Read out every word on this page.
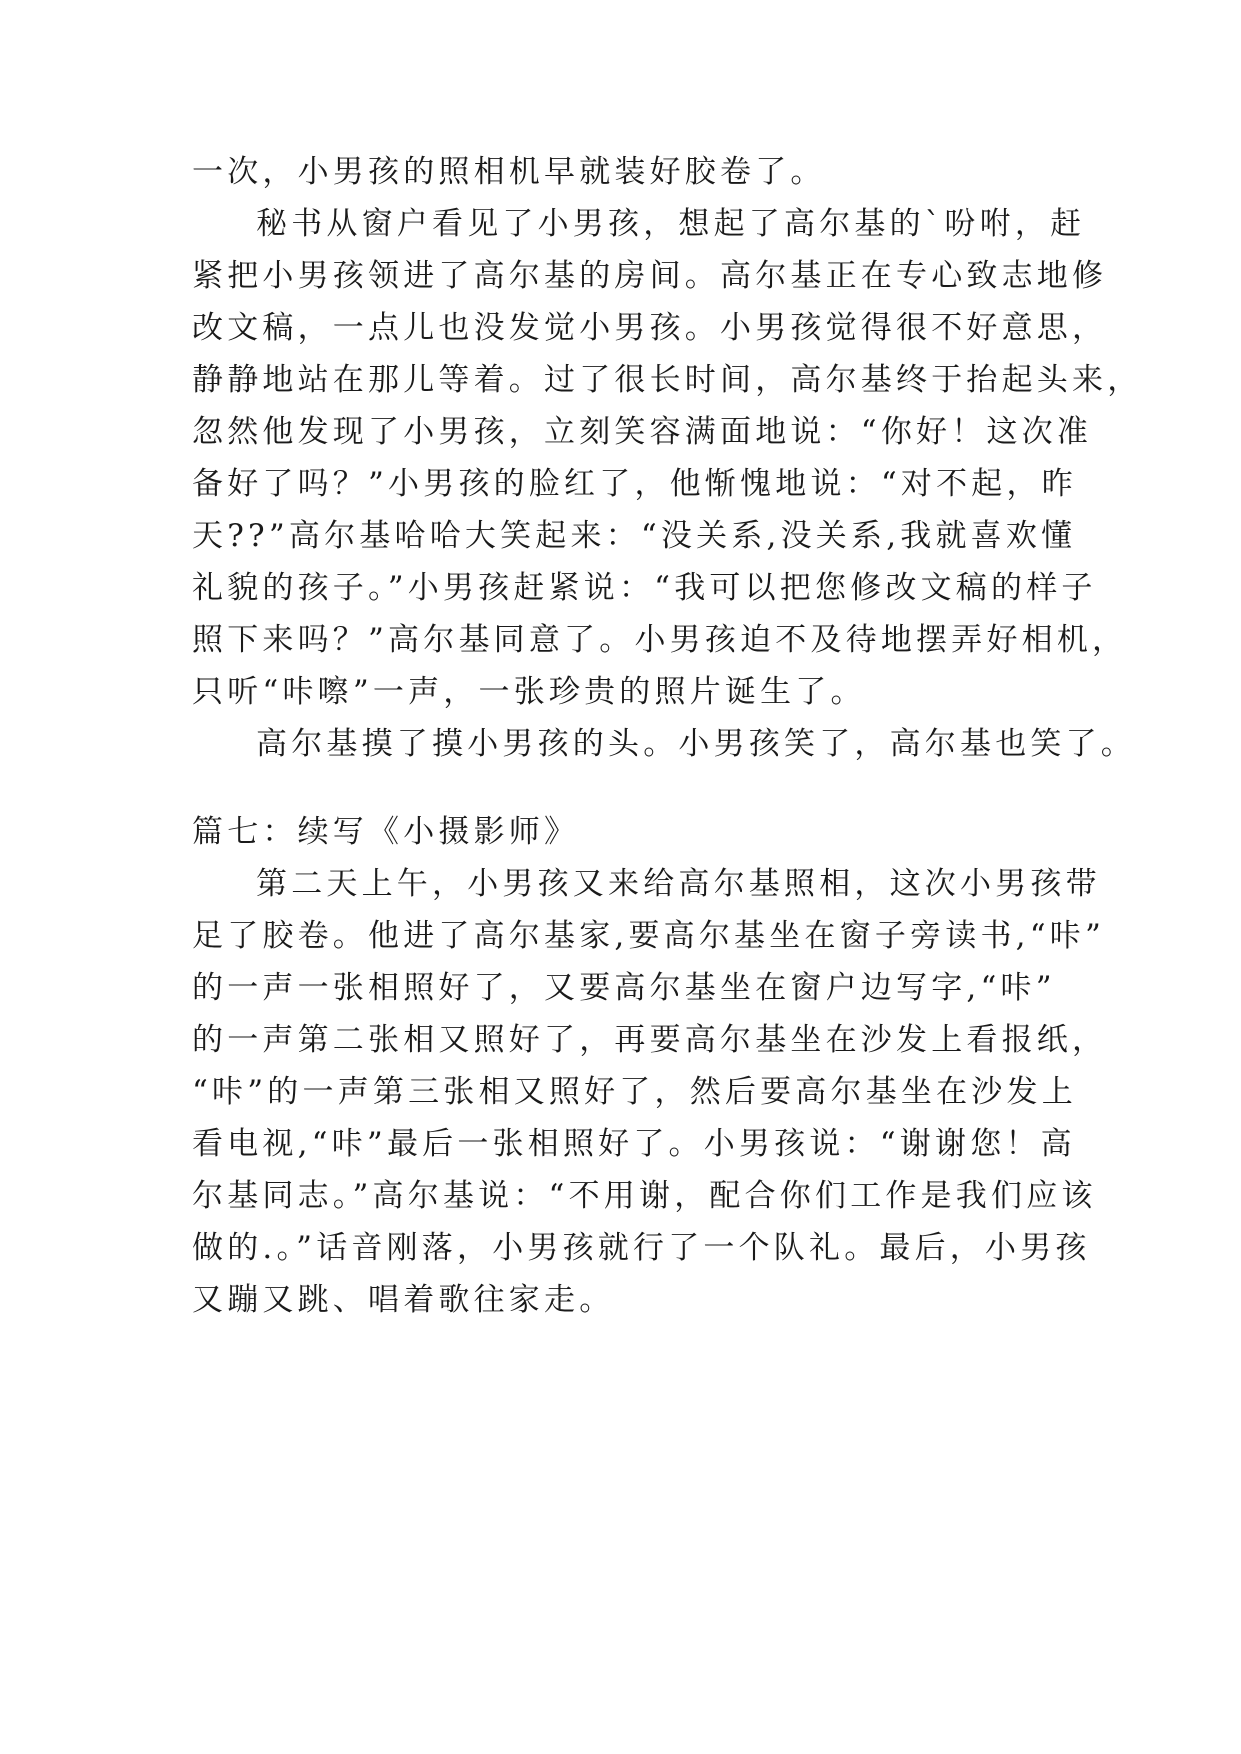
一次，小男孩的照相机早就装好胶卷了。

秘书从窗户看见了小男孩，想起了高尔基的`吩咐，赶

紧把小男孩领进了高尔基的房间。高尔基正在专心致志地修

改文稿，一点儿也没发觉小男孩。小男孩觉得很不好意思，

静静地站在那儿等着。过了很长时间，高尔基终于抬起头来，

忽然他发现了小男孩，立刻笑容满面地说：“你好！这次准

备好了吗？”小男孩的脸红了，他惭愧地说：“对不起，昨

天??”高尔基哈哈大笑起来：“没关系,没关系,我就喜欢懂

礼貌的孩子。”小男孩赶紧说：“我可以把您修改文稿的样子

照下来吗？”高尔基同意了。小男孩迫不及待地摆弄好相机，

只听“咔嚓”一声，一张珍贵的照片诞生了。

高尔基摸了摸小男孩的头。小男孩笑了，高尔基也笑了。

篇七：续写《小摄影师》

第二天上午，小男孩又来给高尔基照相，这次小男孩带

足了胶卷。他进了高尔基家,要高尔基坐在窗子旁读书,“咔”

的一声一张相照好了，又要高尔基坐在窗户边写字,“咔”

的一声第二张相又照好了，再要高尔基坐在沙发上看报纸，

“咔”的一声第三张相又照好了，然后要高尔基坐在沙发上

看电视,“咔”最后一张相照好了。小男孩说：“谢谢您！高

尔基同志。”高尔基说：“不用谢，配合你们工作是我们应该

做的.。”话音刚落，小男孩就行了一个队礼。最后，小男孩

又蹦又跳、唱着歌往家走。
